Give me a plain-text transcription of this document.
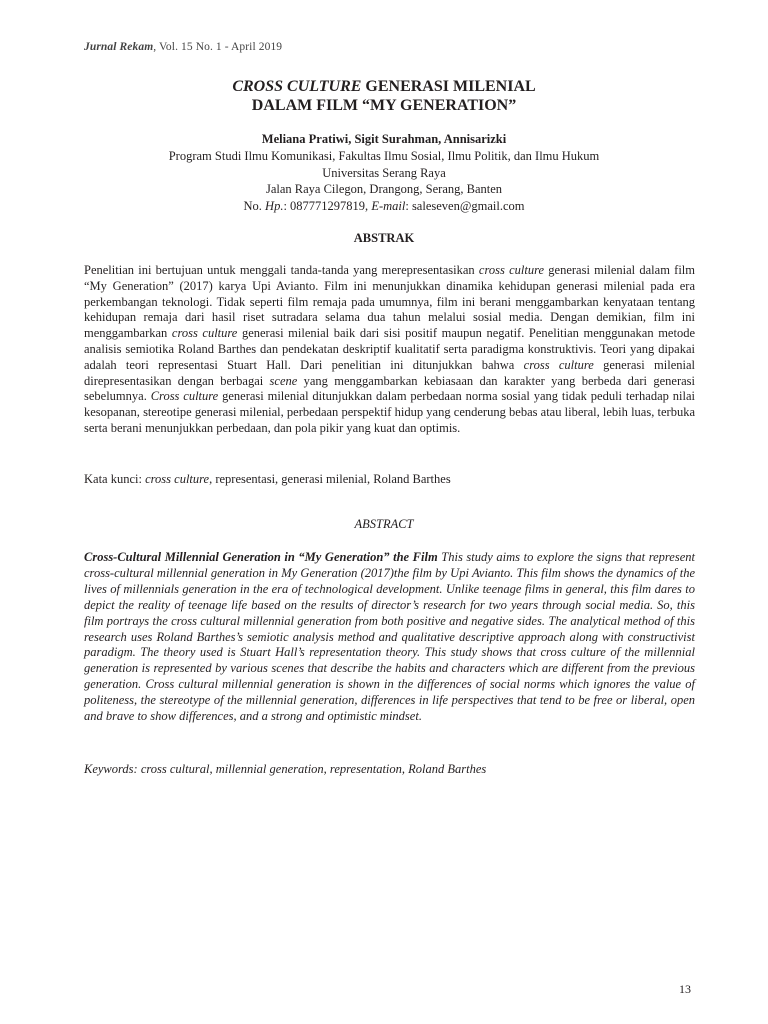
Jurnal Rekam, Vol. 15 No. 1 - April 2019
CROSS CULTURE GENERASI MILENIAL
DALAM FILM “MY GENERATION”
Meliana Pratiwi, Sigit Surahman, Annisarizki
Program Studi Ilmu Komunikasi, Fakultas Ilmu Sosial, Ilmu Politik, dan Ilmu Hukum
Universitas Serang Raya
Jalan Raya Cilegon, Drangong, Serang, Banten
No. Hp.: 087771297819, E-mail: saleseven@gmail.com
ABSTRAK

Penelitian ini bertujuan untuk menggali tanda-tanda yang merepresentasikan cross culture generasi milenial dalam film “My Generation” (2017) karya Upi Avianto. Film ini menunjukkan dinamika kehidupan generasi milenial pada era perkembangan teknologi. Tidak seperti film remaja pada umumnya, film ini berani menggambarkan kenyataan tentang kehidupan remaja dari hasil riset sutradara selama dua tahun melalui sosial media. Dengan demikian, film ini menggambarkan cross culture generasi milenial baik dari sisi positif maupun negatif. Penelitian menggunakan metode analisis semiotika Roland Barthes dan pendekatan deskriptif kualitatif serta paradigma konstruktivis. Teori yang dipakai adalah teori representasi Stuart Hall. Dari penelitian ini ditunjukkan bahwa cross culture generasi milenial direpresentasikan dengan berbagai scene yang menggambarkan kebiasaan dan karakter yang berbeda dari generasi sebelumnya. Cross culture generasi milenial ditunjukkan dalam perbedaan norma sosial yang tidak peduli terhadap nilai kesopanan, stereotipe generasi milenial, perbedaan perspektif hidup yang cenderung bebas atau liberal, lebih luas, terbuka serta berani menunjukkan perbedaan, dan pola pikir yang kuat dan optimis.

Kata kunci: cross culture, representasi, generasi milenial, Roland Barthes

ABSTRACT

Cross-Cultural Millennial Generation in “My Generation” the Film This study aims to explore the signs that represent cross-cultural millennial generation in My Generation (2017)the film by Upi Avianto. This film shows the dynamics of the lives of millennials generation in the era of technological development. Unlike teenage films in general, this film dares to depict the reality of teenage life based on the results of director’s research for two years through social media. So, this film portrays the cross cultural millennial generation from both positive and negative sides. The analytical method of this research uses Roland Barthes’s semiotic analysis method and qualitative descriptive approach along with constructivist paradigm. The theory used is Stuart Hall’s representation theory. This study shows that cross culture of the millennial generation is represented by various scenes that describe the habits and characters which are different from the previous generation. Cross cultural millennial generation is shown in the differences of social norms which ignores the value of politeness, the stereotype of the millennial generation, differences in life perspectives that tend to be free or liberal, open and brave to show differences, and a strong and optimistic mindset.

Keywords: cross cultural, millennial generation, representation, Roland Barthes

13
